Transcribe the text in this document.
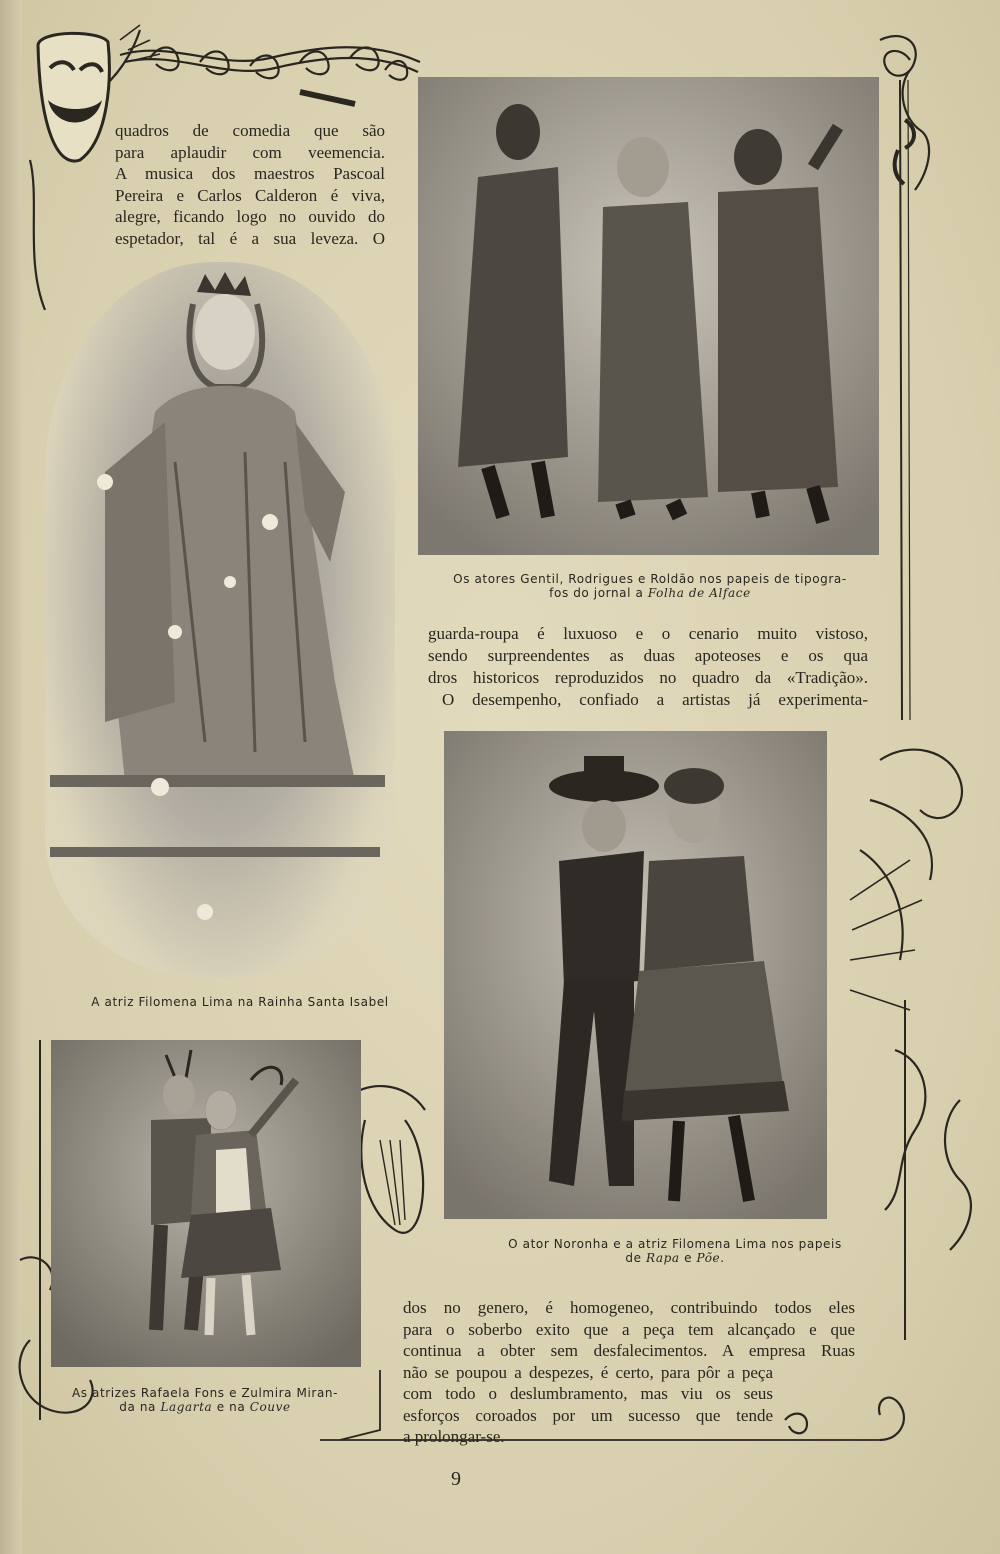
Os atores Gentil, Rodrigues e Roldão nos papeis de tipogra-
fos do jornal a Folha de Alface

quadros de comedia que são

para aplaudir com veemencia.

A musica dos maestros Pascoal

Pereira e Carlos Calderon é viva,

alegre, ficando logo no ouvido do

espetador, tal é a sua leveza. O

A atriz Filomena Lima na Rainha Santa Isabel

guarda-roupa é luxuoso e o cenario muito vistoso,

sendo surpreendentes as duas apoteoses e os qua

dros historicos reproduzidos no quadro da «Tradição».

O desempenho, confiado a artistas já experimenta-

O ator Noronha e a atriz Filomena Lima nos papeis
de Rapa e Põe.
As atrizes Rafaela Fons e Zulmira Miran-
da na Lagarta e na Couve

dos no genero, é homogeneo, contribuindo todos eles

para o soberbo exito que a peça tem alcançado e que

continua a obter sem desfalecimentos. A empresa Ruas

não se poupou a despezes, é certo, para pôr a peça

com todo o deslumbramento, mas viu os seus

esforços coroados por um sucesso que tende

a prolongar-se.

9
